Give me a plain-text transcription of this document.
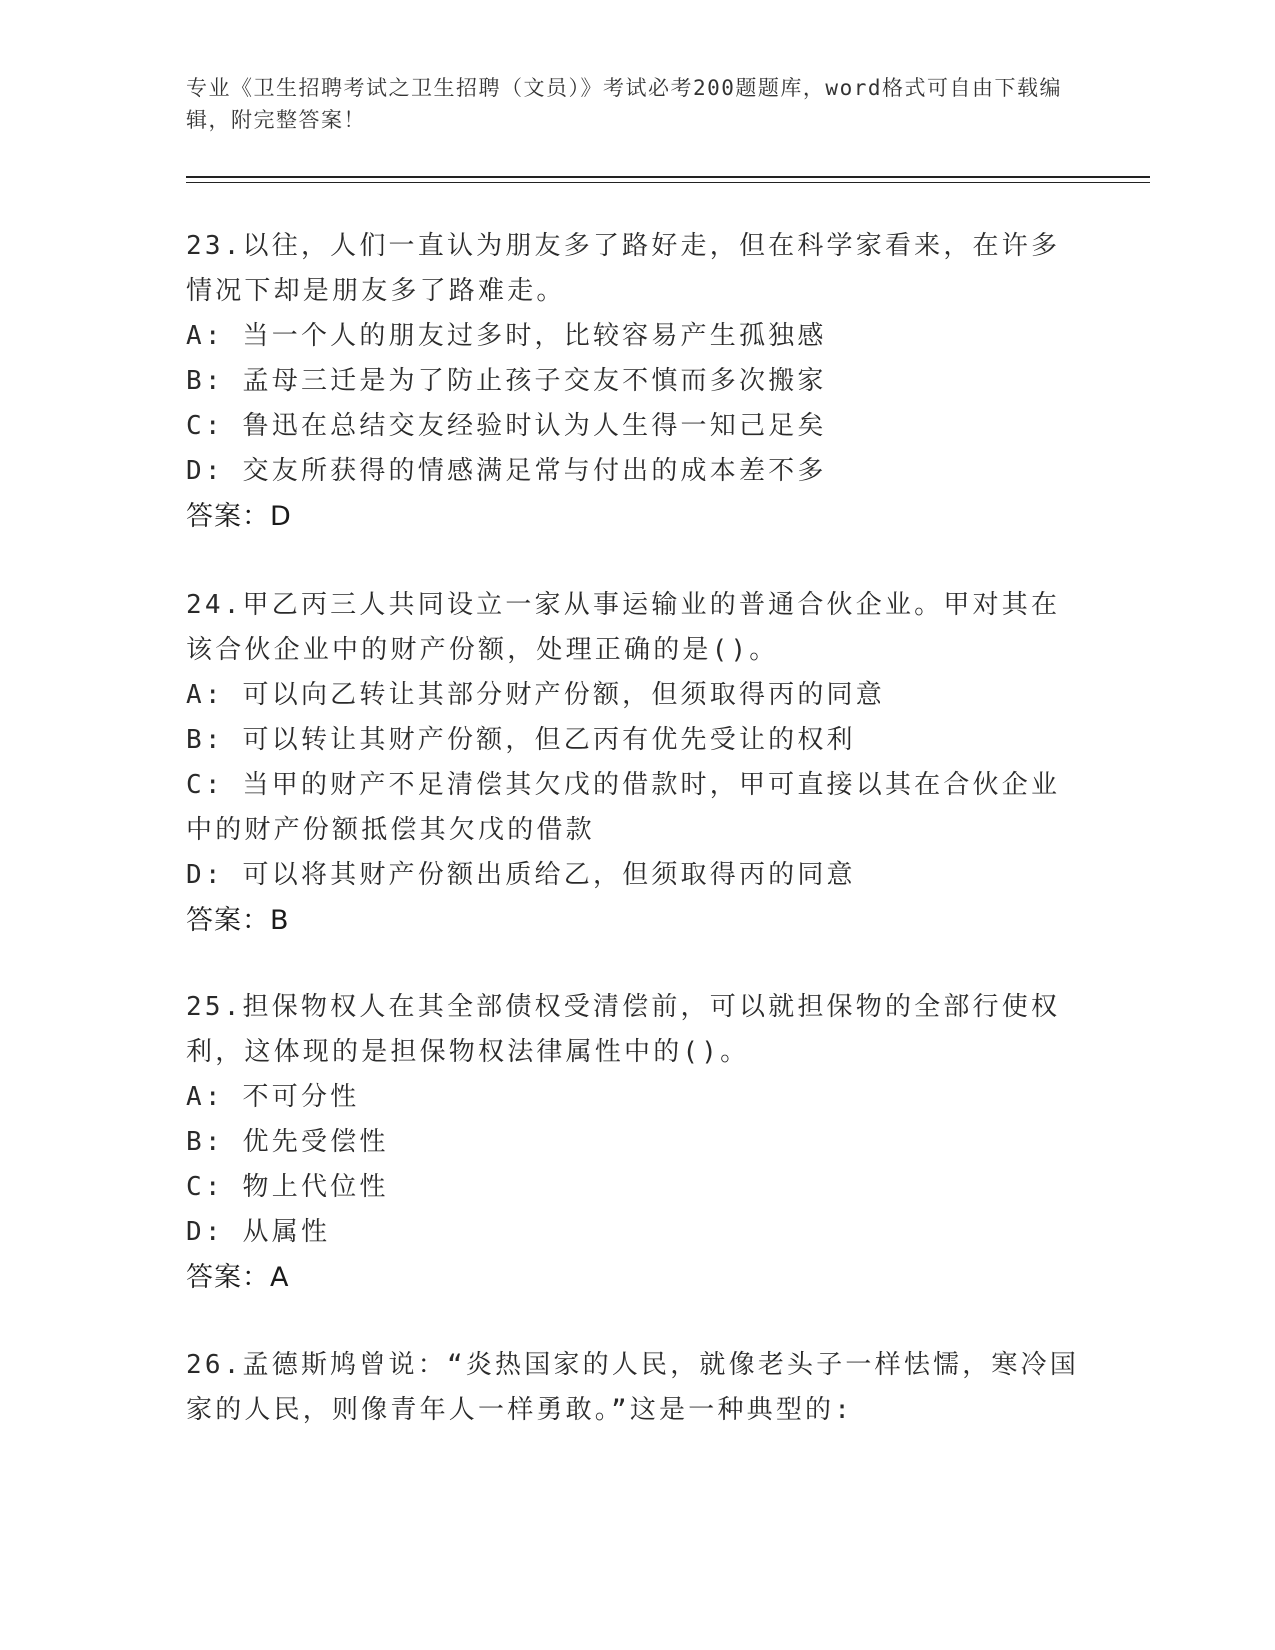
专业《卫生招聘考试之卫生招聘（文员）》考试必考200题题库，word格式可自由下载编辑，附完整答案！
23.以往，人们一直认为朋友多了路好走，但在科学家看来，在许多情况下却是朋友多了路难走。
A: 当一个人的朋友过多时，比较容易产生孤独感
B: 孟母三迁是为了防止孩子交友不慎而多次搬家
C: 鲁迅在总结交友经验时认为人生得一知己足矣
D: 交友所获得的情感满足常与付出的成本差不多
答案：D
24.甲乙丙三人共同设立一家从事运输业的普通合伙企业。甲对其在该合伙企业中的财产份额，处理正确的是()。
A: 可以向乙转让其部分财产份额，但须取得丙的同意
B: 可以转让其财产份额，但乙丙有优先受让的权利
C: 当甲的财产不足清偿其欠戊的借款时，甲可直接以其在合伙企业中的财产份额抵偿其欠戊的借款
D: 可以将其财产份额出质给乙，但须取得丙的同意
答案：B
25.担保物权人在其全部债权受清偿前，可以就担保物的全部行使权利，这体现的是担保物权法律属性中的()。
A: 不可分性
B: 优先受偿性
C: 物上代位性
D: 从属性
答案：A
26.孟德斯鸠曾说：“炎热国家的人民，就像老头子一样怯懦，寒冷国家的人民，则像青年人一样勇敢。”这是一种典型的:
